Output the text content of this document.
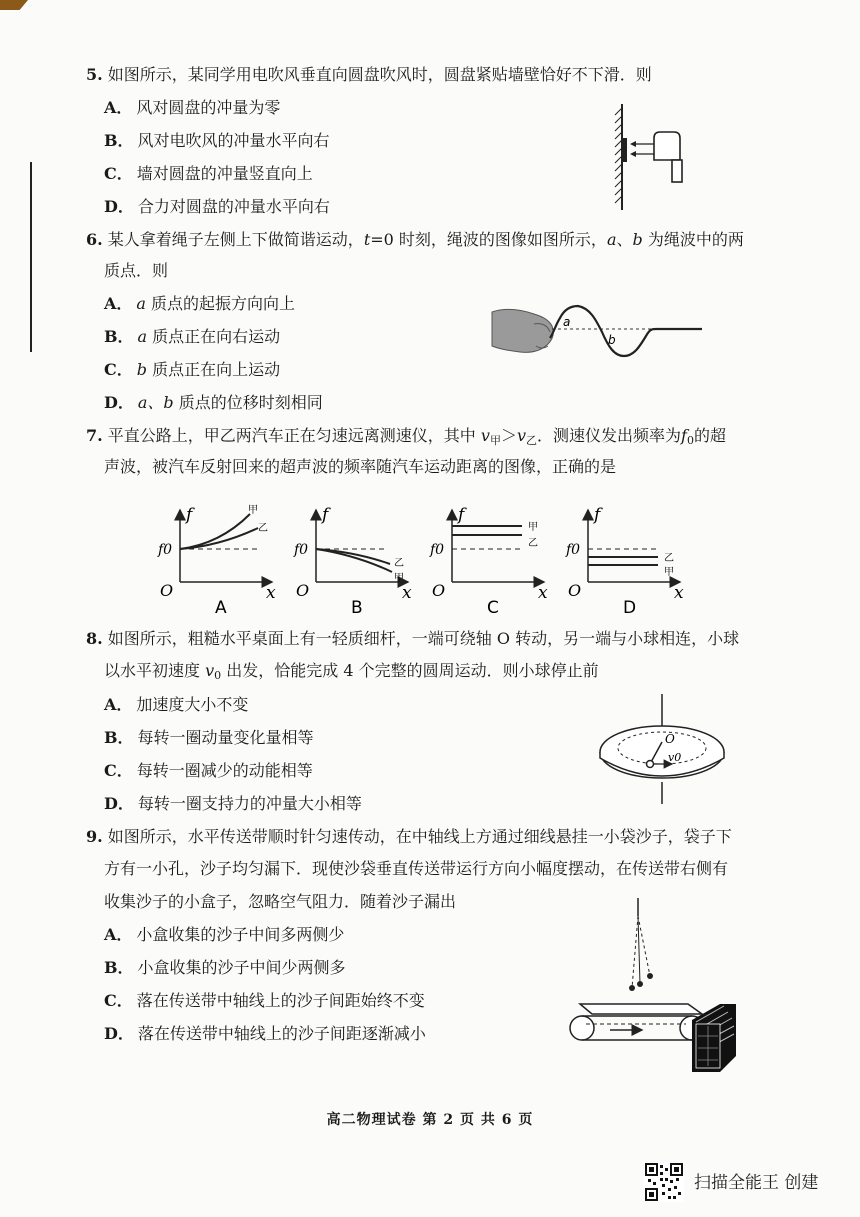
5. 如图所示，某同学用电吹风垂直向圆盘吹风时，圆盘紧贴墙壁恰好不下滑．则
A． 风对圆盘的冲量为零
B． 风对电吹风的冲量水平向右
C． 墙对圆盘的冲量竖直向上
D． 合力对圆盘的冲量水平向右
6. 某人拿着绳子左侧上下做简谐运动，t=0 时刻，绳波的图像如图所示，a、b 为绳波中的两
质点．则
A． a 质点的起振方向向上
B． a 质点正在向右运动
C． b 质点正在向上运动
D． a、b 质点的位移时刻相同
a
b
7. 平直公路上，甲乙两汽车正在匀速远离测速仪，其中 $v_甲>v_乙$．测速仪发出频率为$f_0$的超
声波，被汽车反射回来的超声波的频率随汽车运动距离的图像，正确的是
f
f0
O	x
甲
乙
A
f
f0
O	x
乙
甲
B
f
f0
O	x
甲
乙
C
f
f0
O	x
乙
甲
D
8. 如图所示，粗糙水平桌面上有一轻质细杆，一端可绕轴 O 转动，另一端与小球相连，小球
以水平初速度 $v_0$ 出发，恰能完成 4 个完整的圆周运动．则小球停止前
A． 加速度大小不变
B． 每转一圈动量变化量相等
C． 每转一圈减少的动能相等
D． 每转一圈支持力的冲量大小相等
O
v0
9. 如图所示，水平传送带顺时针匀速传动，在中轴线上方通过细线悬挂一小袋沙子，袋子下
方有一小孔，沙子均匀漏下．现使沙袋垂直传送带运行方向小幅度摆动，在传送带右侧有
收集沙子的小盒子，忽略空气阻力．随着沙子漏出
A． 小盒收集的沙子中间多两侧少
B． 小盒收集的沙子中间少两侧多
C． 落在传送带中轴线上的沙子间距始终不变
D． 落在传送带中轴线上的沙子间距逐渐减小
高二物理试卷 第 2 页 共 6 页
扫描全能王 创建
